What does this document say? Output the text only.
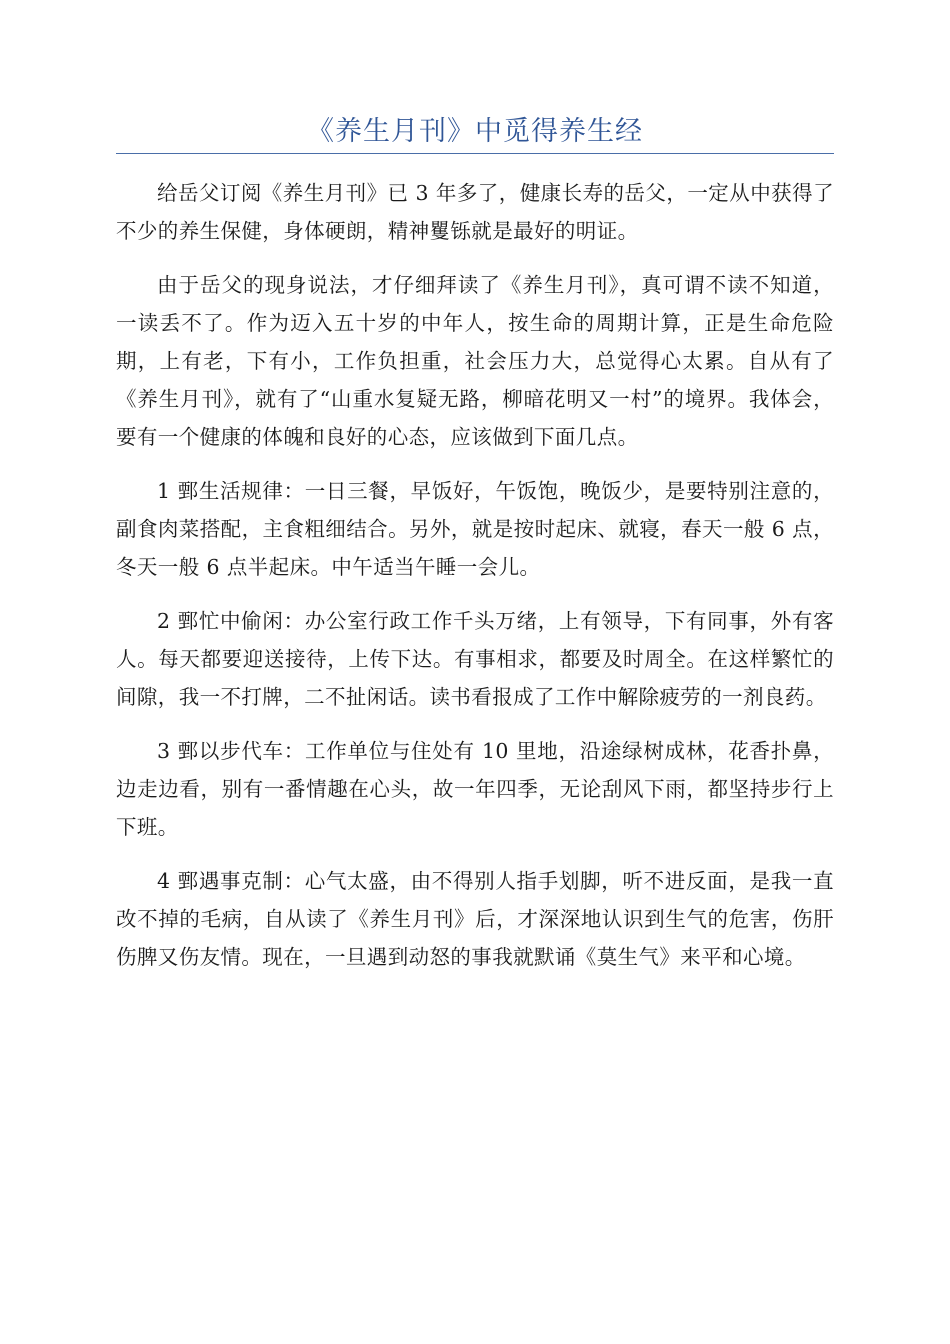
《养生月刊》中觅得养生经

给岳父订阅《养生月刊》已 3 年多了，健康长寿的岳父，一定从中获得了不少的养生保健，身体硬朗，精神矍铄就是最好的明证。

由于岳父的现身说法，才仔细拜读了《养生月刊》，真可谓不读不知道，一读丢不了。作为迈入五十岁的中年人，按生命的周期计算，正是生命危险期，上有老，下有小，工作负担重，社会压力大，总觉得心太累。自从有了《养生月刊》，就有了“山重水复疑无路，柳暗花明又一村”的境界。我体会，要有一个健康的体魄和良好的心态，应该做到下面几点。

1 鄄生活规律：一日三餐，早饭好，午饭饱，晚饭少，是要特别注意的，副食肉菜搭配，主食粗细结合。另外，就是按时起床、就寝，春天一般 6 点，冬天一般 6 点半起床。中午适当午睡一会儿。

2 鄄忙中偷闲：办公室行政工作千头万绪，上有领导，下有同事，外有客人。每天都要迎送接待，上传下达。有事相求，都要及时周全。在这样繁忙的间隙，我一不打牌，二不扯闲话。读书看报成了工作中解除疲劳的一剂良药。

3 鄄以步代车：工作单位与住处有 10 里地，沿途绿树成林，花香扑鼻，边走边看，别有一番情趣在心头，故一年四季，无论刮风下雨，都坚持步行上下班。

4 鄄遇事克制：心气太盛，由不得别人指手划脚，听不进反面，是我一直改不掉的毛病，自从读了《养生月刊》后，才深深地认识到生气的危害，伤肝伤脾又伤友情。现在，一旦遇到动怒的事我就默诵《莫生气》来平和心境。
